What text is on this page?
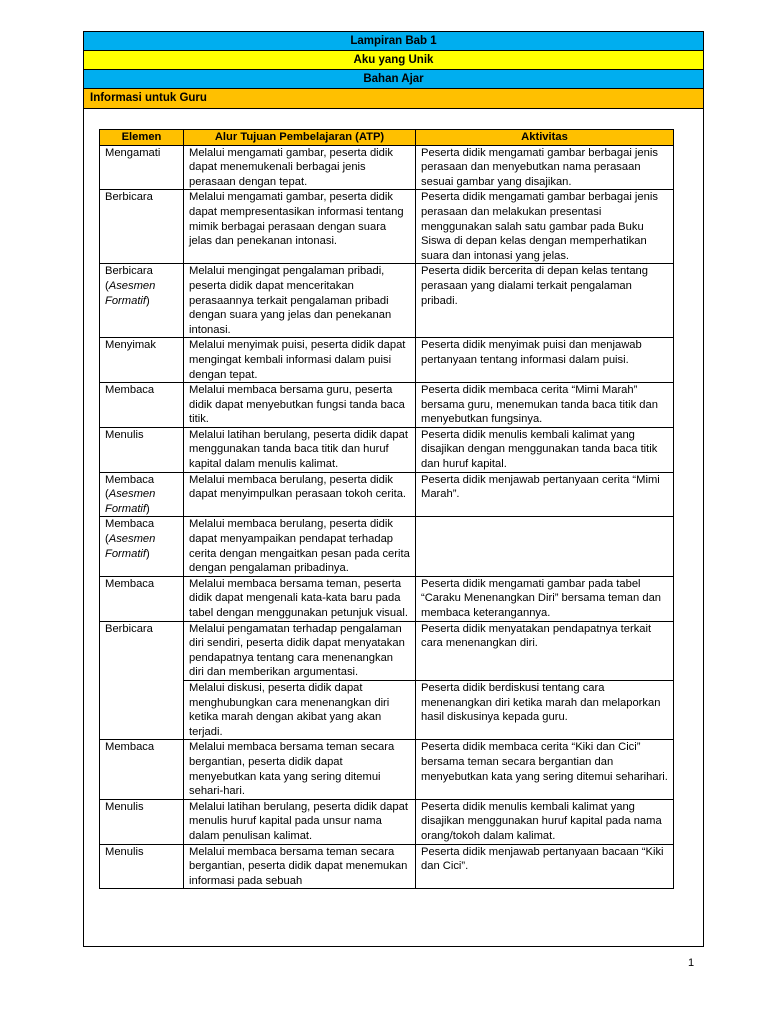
Lampiran Bab 1
Aku yang Unik
Bahan Ajar
Informasi untuk Guru
Elemen	Alur Tujuan Pembelajaran (ATP)	Aktivitas

Mengamati	Melalui mengamati gambar, peserta didik dapat menemukenali berbagai jenis perasaan dengan tepat.	Peserta didik mengamati gambar berbagai jenis perasaan dan menyebutkan nama perasaan sesuai gambar yang disajikan.

Berbicara	Melalui mengamati gambar, peserta didik dapat mempresentasikan informasi tentang mimik berbagai perasaan dengan suara jelas dan penekanan intonasi.	Peserta didik mengamati gambar berbagai jenis perasaan dan melakukan presentasi menggunakan salah satu gambar pada Buku Siswa di depan kelas dengan memperhatikan suara dan intonasi yang jelas.

Berbicara
(Asesmen Formatif)	Melalui mengingat pengalaman pribadi, peserta didik dapat menceritakan perasaannya terkait pengalaman pribadi dengan suara yang jelas dan penekanan intonasi.	Peserta didik bercerita di depan kelas tentang perasaan yang dialami terkait pengalaman pribadi.

Menyimak	Melalui menyimak puisi, peserta didik dapat mengingat kembali informasi dalam puisi dengan tepat.	Peserta didik menyimak puisi dan menjawab pertanyaan tentang informasi dalam puisi.

Membaca	Melalui membaca bersama guru, peserta didik dapat menyebutkan fungsi tanda baca titik.	Peserta didik membaca cerita “Mimi Marah” bersama guru, menemukan tanda baca titik dan menyebutkan fungsinya.

Menulis	Melalui latihan berulang, peserta didik dapat menggunakan tanda baca titik dan huruf kapital dalam menulis kalimat.	Peserta didik menulis kembali kalimat yang disajikan dengan menggunakan tanda baca titik dan huruf kapital.

Membaca
(Asesmen Formatif)	Melalui membaca berulang, peserta didik dapat menyimpulkan perasaan tokoh cerita.	Peserta didik menjawab pertanyaan cerita “Mimi Marah”.

Membaca
(Asesmen Formatif)	Melalui membaca berulang, peserta didik dapat menyampaikan pendapat terhadap cerita dengan mengaitkan pesan pada cerita dengan pengalaman pribadinya.	

Membaca	Melalui membaca bersama teman, peserta didik dapat mengenali kata-kata baru pada tabel dengan menggunakan petunjuk visual.	Peserta didik mengamati gambar pada tabel “Caraku Menenangkan Diri” bersama teman dan membaca keterangannya.

Berbicara	Melalui pengamatan terhadap pengalaman diri sendiri, peserta didik dapat menyatakan pendapatnya tentang cara menenangkan diri dan memberikan argumentasi.	Peserta didik menyatakan pendapatnya terkait cara menenangkan diri.
	Melalui diskusi, peserta didik dapat menghubungkan cara menenangkan diri ketika marah dengan akibat yang akan terjadi.	Peserta didik berdiskusi tentang cara menenangkan diri ketika marah dan melaporkan hasil diskusinya kepada guru.

Membaca	Melalui membaca bersama teman secara bergantian, peserta didik dapat menyebutkan kata yang sering ditemui sehari-hari.	Peserta didik membaca cerita “Kiki dan Cici” bersama teman secara bergantian dan menyebutkan kata yang sering ditemui seharihari.

Menulis	Melalui latihan berulang, peserta didik dapat menulis huruf kapital pada unsur nama dalam penulisan kalimat.	Peserta didik menulis kembali kalimat yang disajikan menggunakan huruf kapital pada nama orang/tokoh dalam kalimat.

Menulis	Melalui membaca bersama teman secara bergantian, peserta didik dapat menemukan informasi pada sebuah	Peserta didik menjawab pertanyaan bacaan “Kiki dan Cici”.
1
